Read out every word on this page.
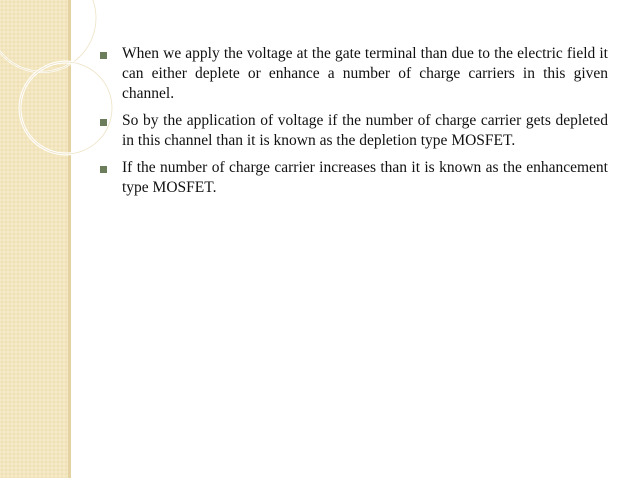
When we apply the voltage at the gate terminal than due to the electric field it can either deplete or enhance a number of charge carriers in this given channel.
So by the application of voltage if the number of charge carrier gets depleted in this channel than it is known as the depletion type MOSFET.
If the number of charge carrier increases than it is known as the enhancement type MOSFET.
